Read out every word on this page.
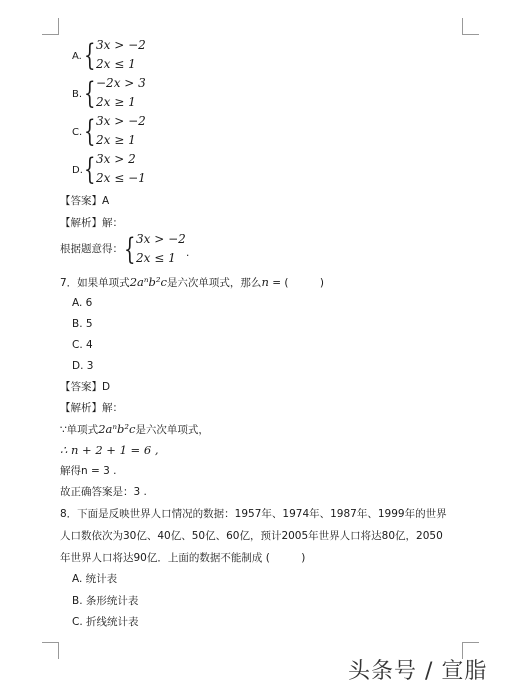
A. { 3x > −2
2x ≤ 1
B. { −2x > 3
2x ≥ 1
C. { 3x > −2
2x ≥ 1
D. { 3x > 2
2x ≤ −1
【答案】A
【解析】解：
根据题意得： { 3x > −2
2x ≤ 1 .
7．如果单项式2aⁿb²c是六次单项式，那么n = (　　　)
A. 6
B. 5
C. 4
D. 3
【答案】D
【解析】解：
∵单项式2aⁿb²c是六次单项式，
∴ n + 2 + 1 = 6 ,
解得n = 3 .
故正确答案是：3 .
8．下面是反映世界人口情况的数据：1957年、1974年、1987年、1999年的世界
人口数依次为30亿、40亿、50亿、60亿，预计2005年世界人口将达80亿，2050
年世界人口将达90亿．上面的数据不能制成 (　　　)
A. 统计表
B. 条形统计表
C. 折线统计表
头条号 / 宣脂
